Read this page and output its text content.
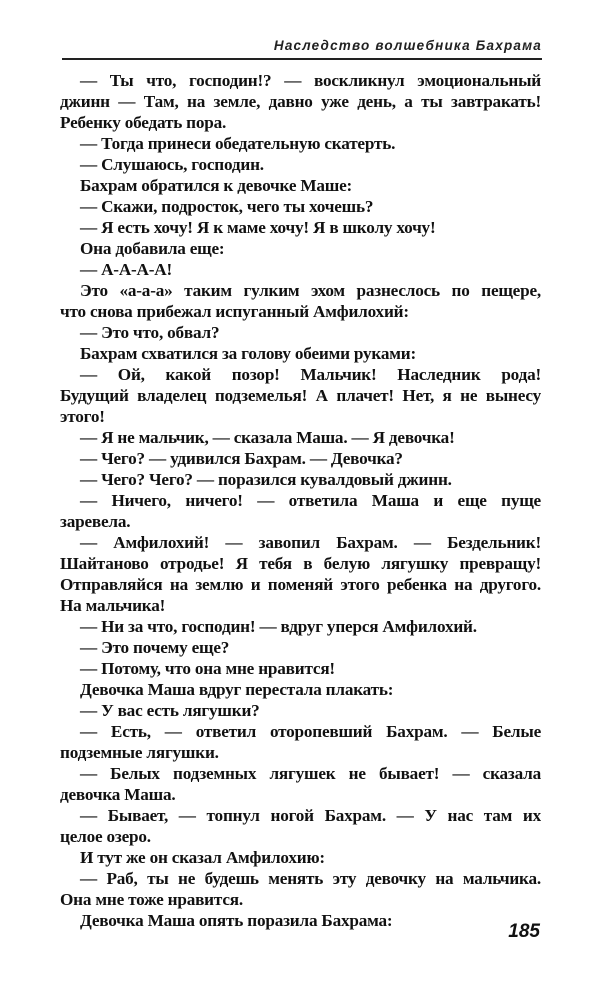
Наследство волшебника Бахрама
— Ты что, господин!? — воскликнул эмоциональный
джинн — Там, на земле, давно уже день, а ты завтракать!
Ребенку обедать пора.
— Тогда принеси обедательную скатерть.
— Слушаюсь, господин.
Бахрам обратился к девочке Маше:
— Скажи, подросток, чего ты хочешь?
— Я есть хочу! Я к маме хочу! Я в школу хочу!
Она добавила еще:
— А-А-А-А!
Это «а-а-а» таким гулким эхом разнеслось по пещере,
что снова прибежал испуганный Амфилохий:
— Это что, обвал?
Бахрам схватился за голову обеими руками:
— Ой, какой позор! Мальчик! Наследник рода!
Будущий владелец подземелья! А плачет! Нет, я не вынесу
этого!
— Я не мальчик, — сказала Маша. — Я девочка!
— Чего? — удивился Бахрам. — Девочка?
— Чего? Чего? — поразился кувалдовый джинн.
— Ничего, ничего! — ответила Маша и еще пуще
заревела.
— Амфилохий! — завопил Бахрам. — Бездельник!
Шайтаново отродье! Я тебя в белую лягушку превращу!
Отправляйся на землю и поменяй этого ребенка на другого.
На мальчика!
— Ни за что, господин! — вдруг уперся Амфилохий.
— Это почему еще?
— Потому, что она мне нравится!
Девочка Маша вдруг перестала плакать:
— У вас есть лягушки?
— Есть, — ответил оторопевший Бахрам. — Белые
подземные лягушки.
— Белых подземных лягушек не бывает! — сказала
девочка Маша.
— Бывает, — топнул ногой Бахрам. — У нас там их
целое озеро.
И тут же он сказал Амфилохию:
— Раб, ты не будешь менять эту девочку на мальчика.
Она мне тоже нравится.
Девочка Маша опять поразила Бахрама:
185
